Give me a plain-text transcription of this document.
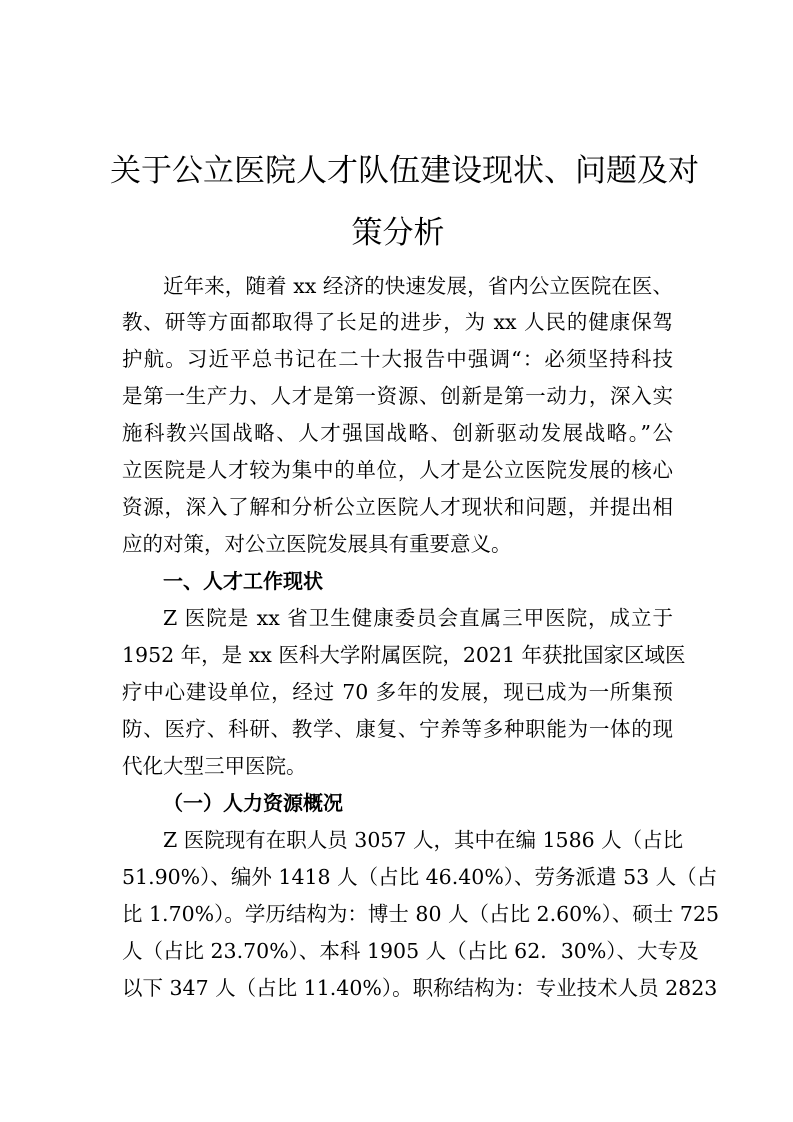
关于公立医院人才队伍建设现状、问题及对
策分析

近年来，随着 xx 经济的快速发展，省内公立医院在医、

教、研等方面都取得了长足的进步，为 xx 人民的健康保驾

护航。习近平总书记在二十大报告中强调“：必须坚持科技

是第一生产力、人才是第一资源、创新是第一动力，深入实

施科教兴国战略、人才强国战略、创新驱动发展战略。”公

立医院是人才较为集中的单位，人才是公立医院发展的核心

资源，深入了解和分析公立医院人才现状和问题，并提出相

应的对策，对公立医院发展具有重要意义。

一、人才工作现状

Z 医院是 xx 省卫生健康委员会直属三甲医院，成立于

1952 年，是 xx 医科大学附属医院，2021 年获批国家区域医

疗中心建设单位，经过 70 多年的发展，现已成为一所集预

防、医疗、科研、教学、康复、宁养等多种职能为一体的现

代化大型三甲医院。

（一）人力资源概况

Z 医院现有在职人员 3057 人，其中在编 1586 人（占比

51.90%）、编外 1418 人（占比 46.40%）、劳务派遣 53 人（占

比 1.70%）。学历结构为：博士 80 人（占比 2.60%）、硕士 725

人（占比 23.70%）、本科 1905 人（占比 62．30%）、大专及

以下 347 人（占比 11.40%）。职称结构为：专业技术人员 2823
